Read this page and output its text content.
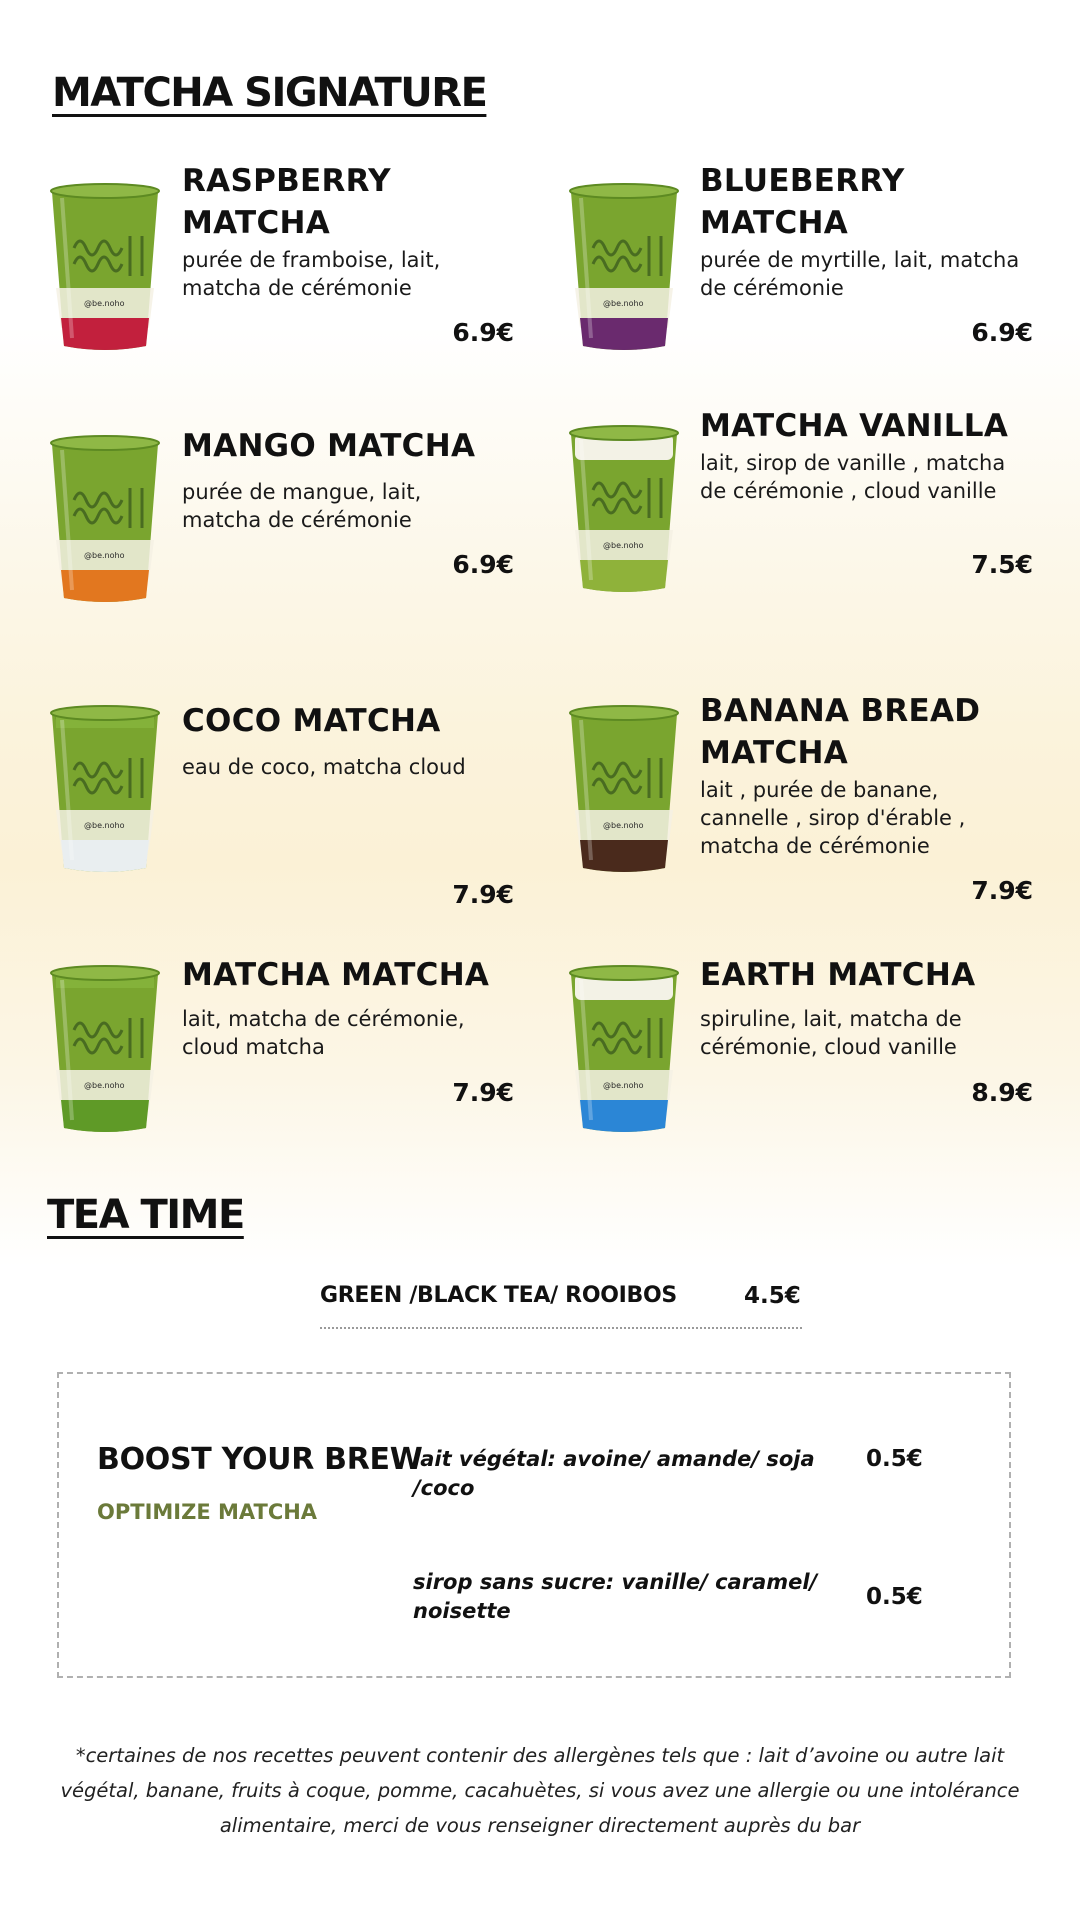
MATCHA SIGNATURE
@be.noho
RASPBERRY
MATCHA
purée de framboise, lait,
matcha de cérémonie
6.9€
@be.noho
BLUEBERRY
MATCHA
purée de myrtille, lait, matcha
de cérémonie
6.9€
@be.noho
MANGO MATCHA
purée de mangue, lait,
matcha de cérémonie
6.9€
@be.noho
MATCHA VANILLA
lait, sirop de vanille , matcha
de cérémonie , cloud vanille
7.5€
@be.noho
COCO MATCHA
eau de coco, matcha cloud
7.9€
@be.noho
BANANA BREAD
MATCHA
lait , purée de banane,
cannelle , sirop d'érable ,
matcha de cérémonie
7.9€
@be.noho
MATCHA MATCHA
lait, matcha de cérémonie,
cloud matcha
7.9€	@be.noho
EARTH MATCHA
spiruline, lait, matcha de
cérémonie, cloud vanille
8.9€
TEA TIME
GREEN /BLACK TEA/ ROOIBOS	4.5€
BOOST YOUR BREW
OPTIMIZE MATCHA
lait végétal: avoine/ amande/ soja
/coco
0.5€
sirop sans sucre: vanille/ caramel/
noisette
0.5€
*certaines de nos recettes peuvent contenir des allergènes tels que : lait d’avoine ou autre lait végétal, banane, fruits à coque, pomme, cacahuètes, si vous avez une allergie ou une intolérance alimentaire, merci de vous renseigner directement auprès du bar
